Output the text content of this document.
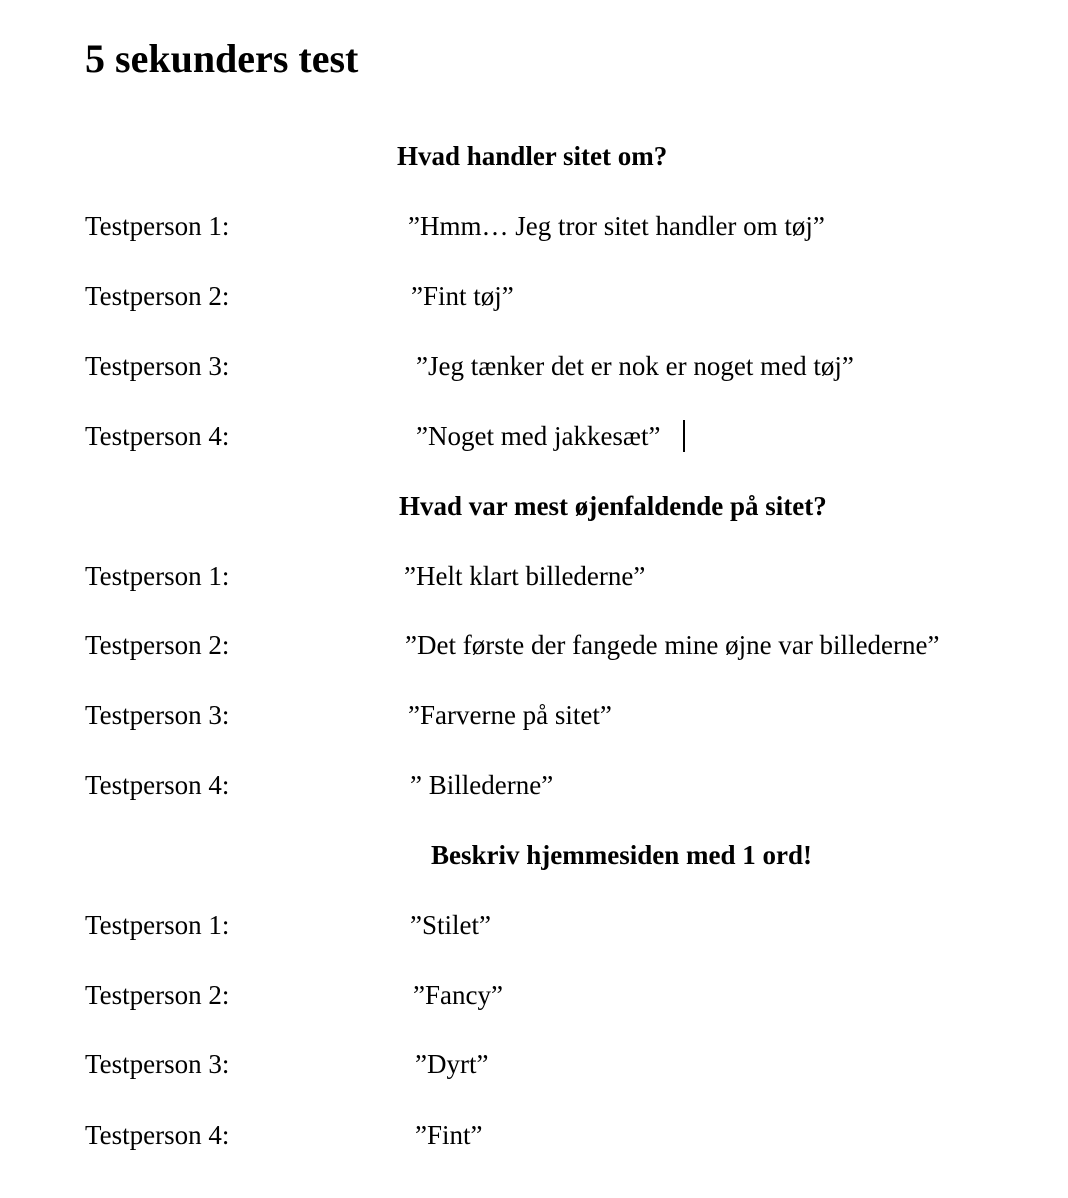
5 sekunders test
Hvad handler sitet om?
Testperson 1:	”Hmm… Jeg tror sitet handler om tøj”
Testperson 2:	”Fint tøj”
Testperson 3:	”Jeg tænker det er nok er noget med tøj”
Testperson 4:	”Noget med jakkesæt”
Hvad var mest øjenfaldende på sitet?
Testperson 1:	”Helt klart billederne”
Testperson 2:	”Det første der fangede mine øjne var billederne”
Testperson 3:	”Farverne på sitet”
Testperson 4:	” Billederne”
Beskriv hjemmesiden med 1 ord!
Testperson 1:	”Stilet”
Testperson 2:	”Fancy”
Testperson 3:	”Dyrt”
Testperson 4:	”Fint”
